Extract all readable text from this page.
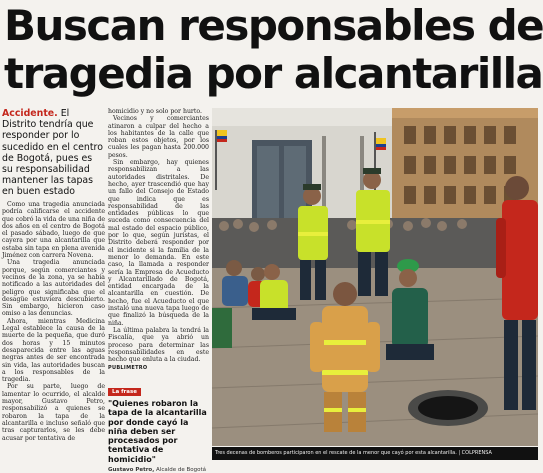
Buscan responsables de
tragedia por alcantarilla
Accidente. El Distrito tendría que responder por lo sucedido en el centro de Bogotá, pues es su responsabilidad mantener las tapas en buen estado

Como una tragedia anunciada podría calificarse el accidente que cobró la vida de una niña de dos años en el centro de Bogotá el pasado sábado, luego de que cayera por una alcantarilla que estaba sin tapa en plena avenida Jiménez con carrera Novena.

Una tragedia anunciada porque, según comerciantes y vecinos de la zona, ya se había notificado a las autoridades del peligro que significaba que el desagüe estuviera descubierto. Sin embargo, hicieron caso omiso a las denuncias.

Ahora, mientras Medicina Legal establece la causa de la muerte de la pequeña, que duró dos horas y 15 minutos desaparecida entre las aguas negras antes de ser encontrada sin vida, las autoridades buscan a los responsables de la tragedia.

Por su parte, luego de lamentar lo ocurrido, el alcalde mayor, Gustavo Petro, responsabilizó a quienes se robaron la tapa de la alcantarilla e incluso señaló que tras capturarlos, se les debe acusar por tentativa de

homicidio y no solo por hurto.

Vecinos y comerciantes atinaron a culpar del hecho a los habitantes de la calle que roban estos objetos, por los cuales les pagan hasta 200.000 pesos.

Sin embargo, hay quienes responsabilizan a las autoridades distritales. De hecho, ayer trascendió que hay un fallo del Consejo de Estado que indica que es responsabilidad de las entidades públicas lo que suceda como consecuencia del mal estado del espacio público, por lo que, según juristas, el Distrito deberá responder por el incidente si la familia de la menor lo demanda. En este caso, la llamada a responder sería la Empresa de Acueducto y Alcantarillado de Bogotá, entidad encargada de la alcantarilla en cuestión. De hecho, fue el Acueducto el que instaló una nueva tapa luego de que finalizó la búsqueda de la niña.

La última palabra la tendrá la Fiscalía, que ya abrió un proceso para determinar las responsabilidades en este hecho que enluta a la ciudad.

PUBLIMETRO
La frase
"Quienes robaron la tapa de la alcantarilla por donde cayó la niña deben ser procesados por tentativa de homicidio"
Gustavo Petro, Alcalde de Bogotá
Tres decenas de bomberos participaron en el rescate de la menor que cayó por esta alcantarilla. | COLPRENSA
